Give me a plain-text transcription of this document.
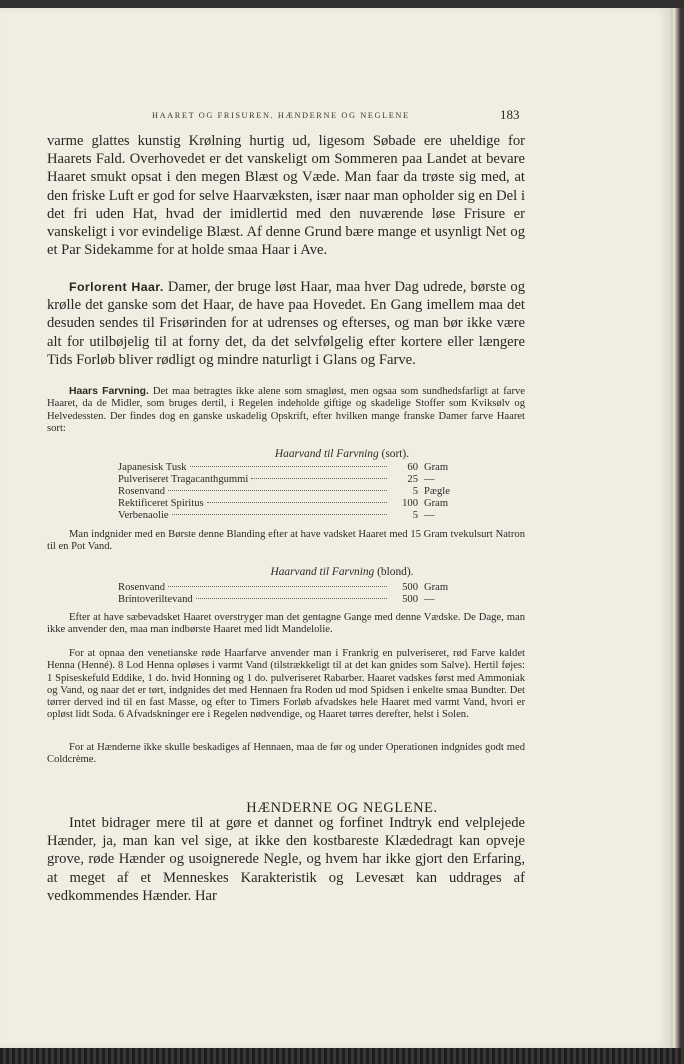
HAARET OG FRISUREN. HÆNDERNE OG NEGLENE	183
varme glattes kunstig Krølning hurtig ud, ligesom Søbade ere uheldige for Haarets Fald. Overhovedet er det vanskeligt om Sommeren paa Landet at bevare Haaret smukt opsat i den megen Blæst og Væde. Man faar da trøste sig med, at den friske Luft er god for selve Haarvæksten, især naar man opholder sig en Del i det fri uden Hat, hvad der imidlertid med den nuværende løse Frisure er vanskeligt i vor evindelige Blæst. Af denne Grund bære mange et usynligt Net og et Par Sidekamme for at holde smaa Haar i Ave.
Forlorent Haar. Damer, der bruge løst Haar, maa hver Dag udrede, børste og krølle det ganske som det Haar, de have paa Hovedet. En Gang imellem maa det desuden sendes til Frisørinden for at udrenses og efterses, og man bør ikke være alt for utilbøjelig til at forny det, da det selvfølgelig efter kortere eller længere Tids Forløb bliver rødligt og mindre naturligt i Glans og Farve.
Haars Farvning. Det maa betragtes ikke alene som smagløst, men ogsaa som sundhedsfarligt at farve Haaret, da de Midler, som bruges dertil, i Regelen indeholde giftige og skadelige Stoffer som Kviksølv og Helvedessten. Der findes dog en ganske uskadelig Opskrift, efter hvilken mange franske Damer farve Haaret sort:
Haarvand til Farvning (sort).
Japanesisk Tusk	60 Gram
Pulveriseret Tragacanthgummi	25 —
Rosenvand	5 Pægle
Rektificeret Spiritus	100 Gram
Verbenaolie	5 —
Man indgnider med en Børste denne Blanding efter at have vadsket Haaret med 15 Gram tvekulsurt Natron til en Pot Vand.
Haarvand til Farvning (blond).
Rosenvand	500 Gram
Brintoveriltevand	500 —
Efter at have sæbevadsket Haaret overstryger man det gentagne Gange med denne Vædske. De Dage, man ikke anvender den, maa man indbørste Haaret med lidt Mandelolie.
For at opnaa den venetianske røde Haarfarve anvender man i Frankrig en pulveriseret, rød Farve kaldet Henna (Henné). 8 Lod Henna opløses i varmt Vand (tilstrækkeligt til at det kan gnides som Salve). Hertil føjes: 1 Spiseskefuld Eddike, 1 do. hvid Honning og 1 do. pulveriseret Rabarber. Haaret vadskes først med Ammoniak og Vand, og naar det er tørt, indgnides det med Hennaen fra Roden ud mod Spidsen i enkelte smaa Bundter. Det tørrer derved ind til en fast Masse, og efter to Timers Forløb afvadskes hele Haaret med varmt Vand, hvori er opløst lidt Soda. 6 Afvadskninger ere i Regelen nødvendige, og Haaret tørres derefter, helst i Solen.
For at Hænderne ikke skulle beskadiges af Hennaen, maa de før og under Operationen indgnides godt med Coldcrème.
HÆNDERNE OG NEGLENE.
Intet bidrager mere til at gøre et dannet og forfinet Indtryk end velplejede Hænder, ja, man kan vel sige, at ikke den kostbareste Klædedragt kan opveje grove, røde Hænder og usoignerede Negle, og hvem har ikke gjort den Erfaring, at meget af et Menneskes Karakteristik og Levesæt kan uddrages af vedkommendes Hænder. Har
